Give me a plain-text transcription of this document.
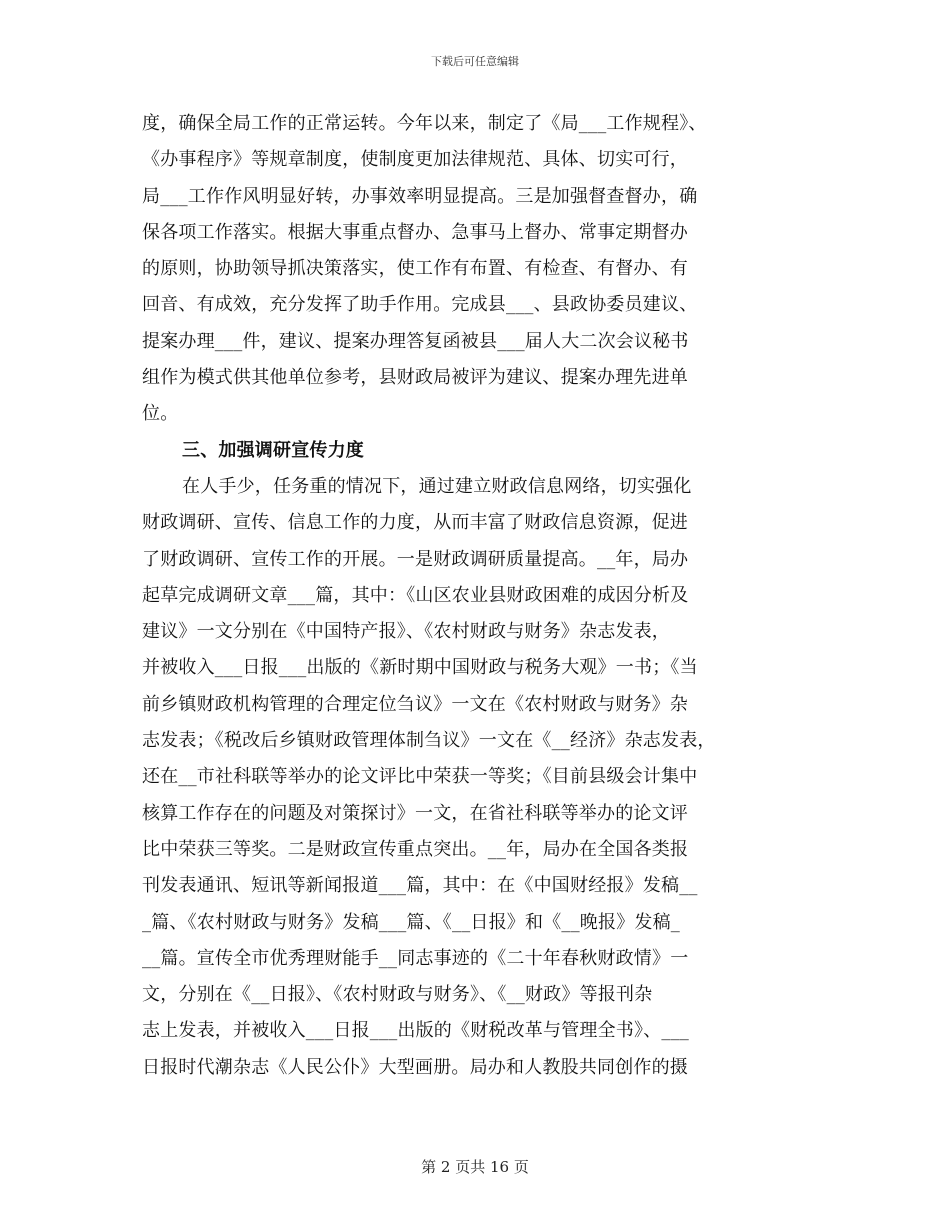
下载后可任意编辑
度，确保全局工作的正常运转。今年以来，制定了《局___工作规程》、
《办事程序》等规章制度，使制度更加法律规范、具体、切实可行，
局___工作作风明显好转，办事效率明显提高。三是加强督查督办，确
保各项工作落实。根据大事重点督办、急事马上督办、常事定期督办
的原则，协助领导抓决策落实，使工作有布置、有检查、有督办、有
回音、有成效，充分发挥了助手作用。完成县___、县政协委员建议、
提案办理___件，建议、提案办理答复函被县___届人大二次会议秘书
组作为模式供其他单位参考，县财政局被评为建议、提案办理先进单
位。
三、加强调研宣传力度
在人手少，任务重的情况下，通过建立财政信息网络，切实强化
财政调研、宣传、信息工作的力度，从而丰富了财政信息资源，促进
了财政调研、宣传工作的开展。一是财政调研质量提高。__年，局办
起草完成调研文章___篇，其中：《山区农业县财政困难的成因分析及
建议》一文分别在《中国特产报》、《农村财政与财务》杂志发表，
并被收入___日报___出版的《新时期中国财政与税务大观》一书；《当
前乡镇财政机构管理的合理定位刍议》一文在《农村财政与财务》杂
志发表；《税改后乡镇财政管理体制刍议》一文在《__经济》杂志发表，
还在__市社科联等举办的论文评比中荣获一等奖；《目前县级会计集中
核算工作存在的问题及对策探讨》一文，在省社科联等举办的论文评
比中荣获三等奖。二是财政宣传重点突出。__年，局办在全国各类报
刊发表通讯、短讯等新闻报道___篇，其中：在《中国财经报》发稿__
_篇、《农村财政与财务》发稿___篇、《__日报》和《__晚报》发稿_
__篇。宣传全市优秀理财能手__同志事迹的《二十年春秋财政情》一
文，分别在《__日报》、《农村财政与财务》、《__财政》等报刊杂
志上发表，并被收入___日报___出版的《财税改革与管理全书》、___
日报时代潮杂志《人民公仆》大型画册。局办和人教股共同创作的摄
第 2 页共 16 页
